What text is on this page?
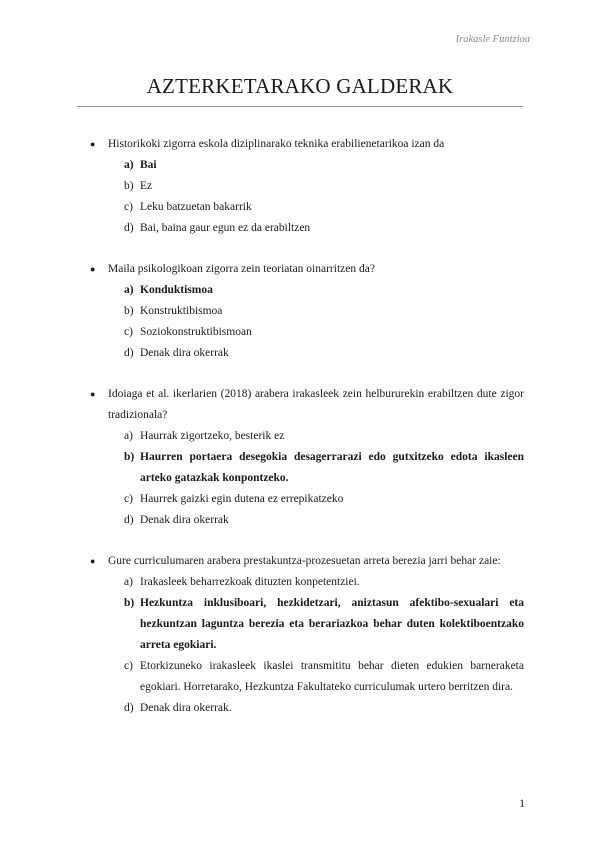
Irakasle Funtzioa
AZTERKETARAKO GALDERAK
● Historikoki zigorra eskola diziplinarako teknika erabilienetarikoa izan da
a) Bai
b) Ez
c) Leku batzuetan bakarrik
d) Bai, baina gaur egun ez da erabiltzen
● Maila psikologikoan zigorra zein teoriatan oinarritzen da?
a) Konduktismoa
b) Konstruktibismoa
c) Soziokonstruktibismoan
d) Denak dira okerrak
● Idoiaga et al. ikerlarien (2018) arabera irakasleek zein helbururekin erabiltzen dute zigor tradizionala?
a) Haurrak zigortzeko, besterik ez
b) Haurren portaera desegokia desagerrarazi edo gutxitzeko edota ikasleen arteko gatazkak konpontzeko.
c) Haurrek gaizki egin dutena ez errepikatzeko
d) Denak dira okerrak
● Gure curriculumaren arabera prestakuntza-prozesuetan arreta berezia jarri behar zaie:
a) Irakasleek beharrezkoak dituzten konpetentziei.
b) Hezkuntza inklusiboari, hezkidetzari, aniztasun afektibo-sexualari eta hezkuntzan laguntza berezia eta berariazkoa behar duten kolektiboentzako arreta egokiari.
c) Etorkizuneko irakasleek ikaslei transmititu behar dieten edukien barneraketa egokiari. Horretarako, Hezkuntza Fakultateko curriculumak urtero berritzen dira.
d) Denak dira okerrak.
1
